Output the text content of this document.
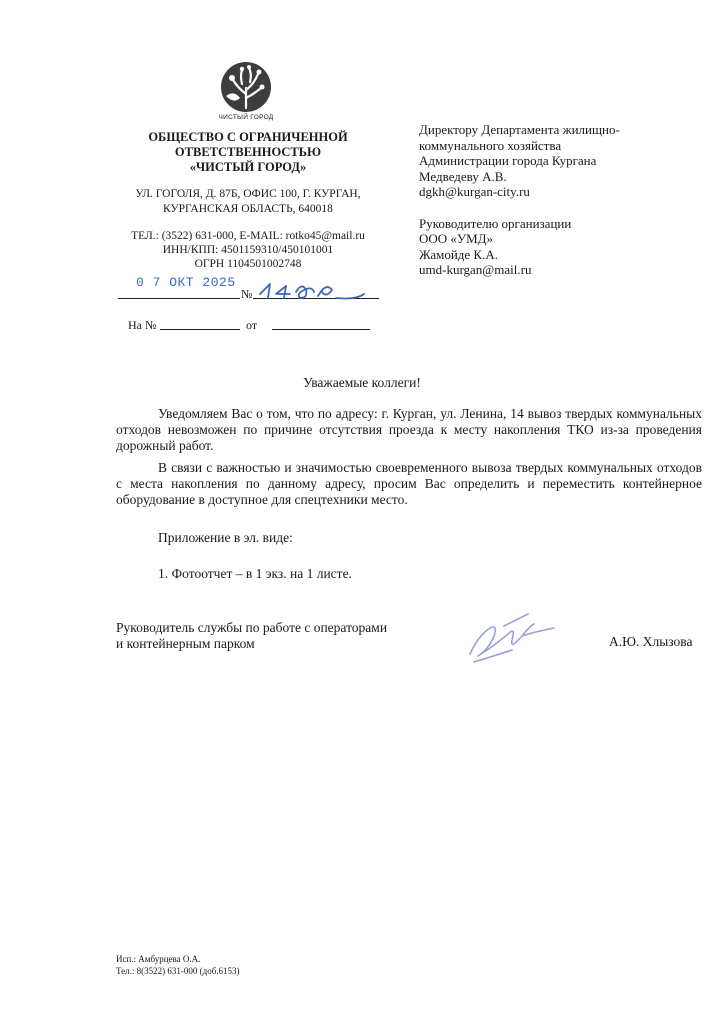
ЧИСТЫЙ ГОРОД
ОБЩЕСТВО С ОГРАНИЧЕННОЙ
ОТВЕТСТВЕННОСТЬЮ
«ЧИСТЫЙ ГОРОД»
УЛ. ГОГОЛЯ, Д. 87Б, ОФИС 100, Г. КУРГАН,
КУРГАНСКАЯ ОБЛАСТЬ, 640018
ТЕЛ.: (3522) 631-000, E-MAIL: rotko45@mail.ru
ИНН/КПП: 4501159310/450101001
ОГРН 1104501002748
0 7 ОКТ 2025
№
На №	от
Директору Департамента жилищно-
коммунального хозяйства
Администрации города Кургана
Медведеву А.В.
dgkh@kurgan-city.ru
Руководителю организации
ООО «УМД»
Жамойде К.А.
umd-kurgan@mail.ru
Уважаемые коллеги!
Уведомляем Вас о том, что по адресу: г. Курган, ул. Ленина, 14 вывоз твердых коммунальных отходов невозможен по причине отсутствия проезда к месту накопления ТКО из-за проведения дорожный работ.
В связи с важностью и значимостью своевременного вывоза твердых коммунальных отходов с места накопления по данному адресу, просим Вас определить и переместить контейнерное оборудование в доступное для спецтехники место.
Приложение в эл. виде:
1. Фотоотчет – в 1 экз. на 1 листе.
Руководитель службы по работе с операторами
и контейнерным парком	А.Ю. Хлызова
Исп.: Амбурцева О.А.
Тел.: 8(3522) 631-000 (доб.6153)
